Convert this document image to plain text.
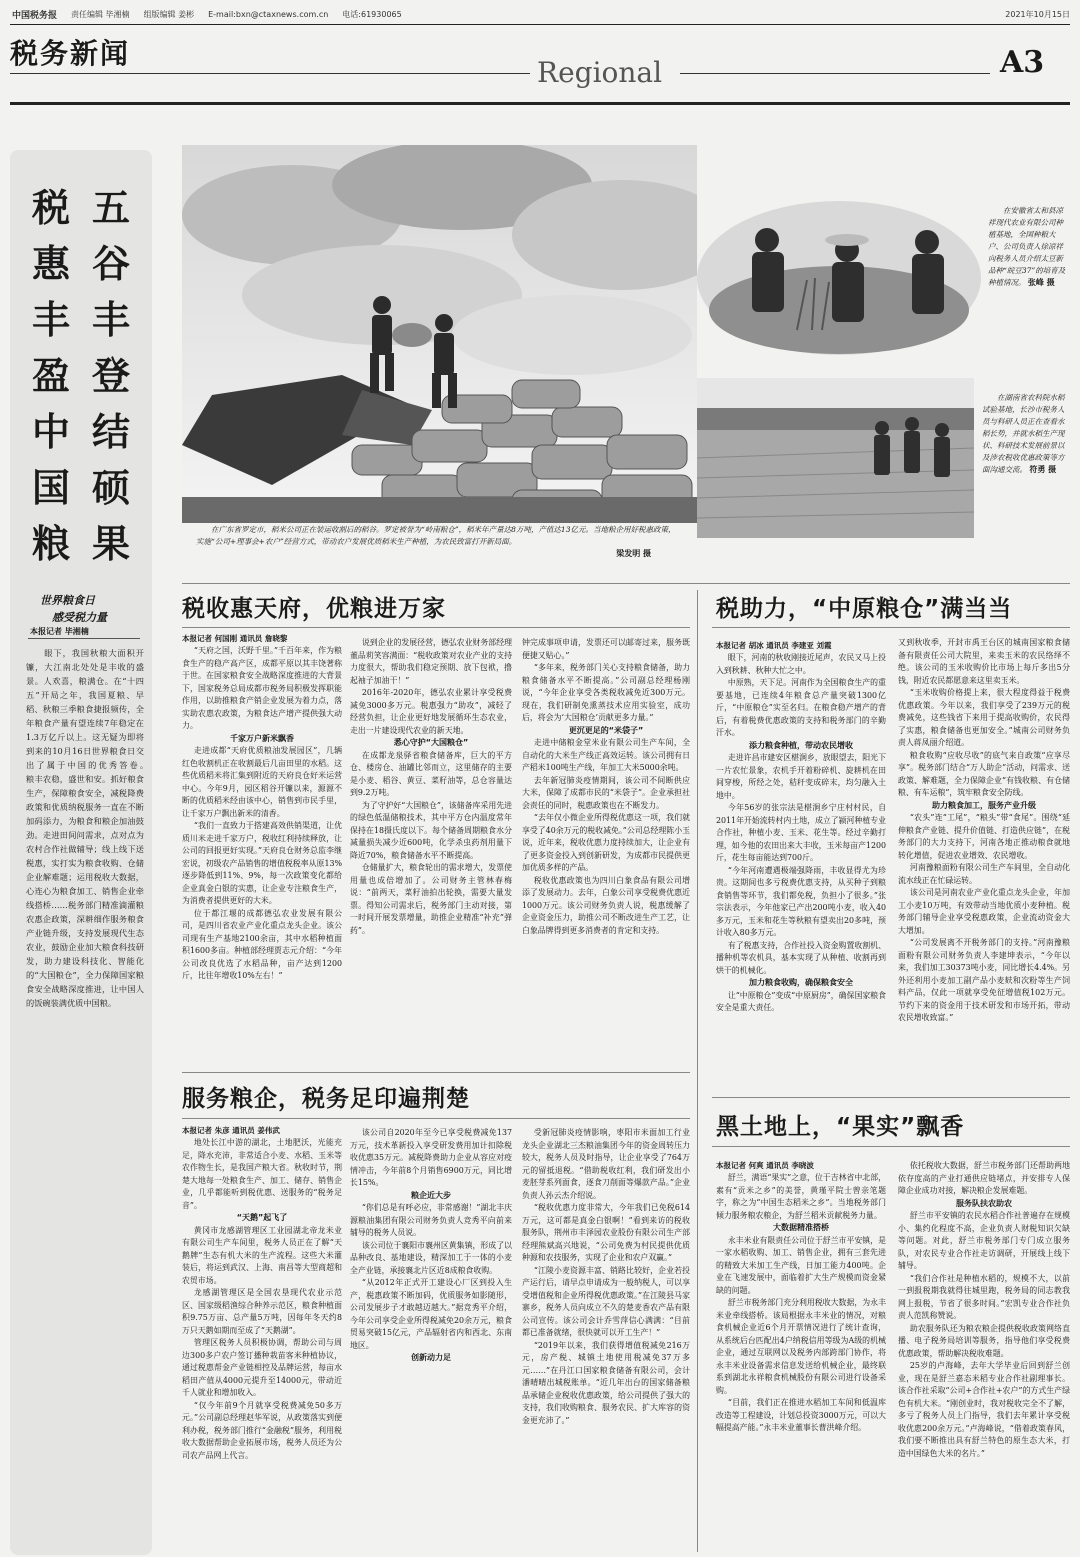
中国税务报 责任编辑 毕湘楠 组版编辑 姜彬 E-mail:bxn@ctaxnews.com.cn 电话:61930065	2021年10月15日
税务新闻
Regional	A3
五
谷
丰
登
结
硕
果
税
惠
丰
盈
中
国
粮
世界粮食日
感受税力量
本报记者 毕湘楠
　　眼下，我国秋粮大面积开镰，大江南北处处是丰收的盛景。人欢喜，粮满仓。在“十四五”开局之年，我国夏粮、早稻、秋粮三季粮食捷报频传，全年粮食产量有望连续7年稳定在1.3万亿斤以上。这无疑为即将到来的10月16日世界粮食日交出了属于中国的优秀答卷。　　粮丰农稳，盛世和安。抓好粮食生产，保障粮食安全，减税降费政策和优质纳税服务一直在不断加码添力，为粮食和粮企加油鼓劲。走进田间问需求，点对点为农村合作社做辅导；线上线下送税惠，实打实为粮食收购、仓储企业解难题；运用税收大数据，心连心为粮食加工、销售企业牵线搭桥……税务部门精准滴灌粮农惠企政策，深耕细作服务粮食产业链升级，支持发展现代生态农业，鼓励企业加大粮食科技研发，助力建设科技化、智能化的“大国粮仓”，全力保障国家粮食安全战略深度推进，让中国人的饭碗装满优质中国粮。
　　在广东省罗定市，稻米公司正在装运收割后的稻谷。罗定被誉为“岭南粮仓”，稻米年产量达8万吨，产值达13亿元。当地粮企用好税惠政策，实施“公司+理事会+农户”经营方式，带动农户发展优质稻米生产种植，为农民致富打开新局面。
梁发明 摄
　　在安徽省太和县凉祥现代农业有限公司种植基地，全国种粮大户、公司负责人徐凉祥向税务人员介绍太豆新品种“皖豆37”的培育及种植情况。 张峰 摄
　　在湖南省农科院水稻试验基地，长沙市税务人员与科研人员正在查看水稻长势，并就水稻生产现状、科研技术发展前景以及涉农税收优惠政策等方面沟通交流。 符勇 摄
税收惠天府，优粮进万家
本报记者 何国刚 通讯员 詹晓黎

“天府之国，沃野千里。”千百年来，作为粮食生产的稳产高产区，成都平原以其丰饶著称于世。在国家粮食安全战略深度推进的大背景下，国家税务总局成都市税务局积极发挥职能作用，以助推粮食产销企业发展为着力点，落实助农惠农政策，为粮食达产增产提供强大动力。

千家万户新米飘香

走进成都“天府优质粮油发展园区”，几辆红色收割机正在收割最后几亩田里的水稻。这些优质稻米将汇集到附近的天府良仓好米运营中心。今年9月，园区稻谷开镰以来，源源不断的优质稻米经由该中心，销售到市民手里，让千家万户飘出新米的清香。

“我们一直致力于搭建高效供销渠道，让优质川米走进千家万户，税收红利持续释放，让公司的回报更好实现。”天府良仓财务总监李继宏说，初级农产品销售的增值税税率从原13%逐步降低到11%、9%，每一次政策变化都给企业真金白银的实惠，让企业专注粮食生产，为消费者提供更好的大米。

位于都江堰的成都德弘农业发展有限公司，是四川省农业产业化重点龙头企业。该公司现有生产基地2100余亩，其中水稻种植面积1600多亩。种植部经理贾志元介绍：“今年公司改良优选了水稻品种，亩产达到1200斤，比往年增收10%左右！”

说到企业的发展径营，德弘农业财务部经理董品莉笑容满面：“税收政策对农业产业的支持力度很大，帮助我们稳定预期、放下包袱，撸起袖子加油干！”

2016年-2020年，德弘农业累计享受税费减免3000多万元。税惠强力“助攻”，减轻了经营负担，让企业更好地发展循环生态农业，走出一片建设现代农业的新天地。

悉心守护“大国粮仓”

在成都龙泉驿省粮食储备库，巨大的平方仓、楼房仓、油罐比邻而立，这里储存的主要是小麦、稻谷、黄豆、菜籽油等，总仓容量达到9.2万吨。

为了守护好“大国粮仓”，该储备库采用先进的绿色低温储粮技术，其中平方仓内温度常年保持在18摄氏度以下。每个储备周期粮食水分减量损失减少近600吨，化学杀虫药剂用量下降近70%，粮食储备水平不断提高。

仓储量扩大，粮食轮出的需求增大，发票使用量也成倍增加了。公司财务主管林春梅说：“前两天，菜籽油拍出轮换，需要大量发票。得知公司需求后，税务部门主动对接，第一时间开展发票增量，助推企业精准“补充”弹药”。

钟完成事项申请，发票还可以邮寄过来，服务既便捷又贴心。”

“多年来，税务部门关心支持粮食储备，助力粮食储备水平不断提高。”公司副总经理杨刚说，“今年企业享受各类税收减免近300万元。现在，我们研制免熏蒸技术应用实验室，成功后，将会为‘大国粮仓’贡献更多力量。”

更沉更足的“米袋子”

走进中储粮金堂米业有限公司生产车间，全自动化的大米生产线正高效运转。该公司拥有日产稻米100吨生产线，年加工大米5000余吨。

去年新冠肺炎疫情期间，该公司不间断供应大米，保障了成都市民的“米袋子”。企业承担社会责任的同时，税惠政策也在不断发力。

“去年仅小微企业所得税优惠这一项，我们就享受了40余万元的税收减免。”公司总经理陈小玉说，近年来，税收优惠力度持续加大，让企业有了更多资金投入到创新研发，为成都市民提供更加优质多样的产品。

税收优惠政策也为四川白象食品有限公司增添了发展动力。去年，白象公司享受税费优惠近1000万元。该公司财务负责人说，税惠缓解了企业资金压力，助推公司不断改进生产工艺，让白象品牌得到更多消费者的肯定和支持。

税助力，“中原粮仓”满当当
本报记者 胡冰 通讯员 李建亚 刘霞

眼下，河南的秋收刚接近尾声，农民又马上投入到秋耕、秋种大忙之中。

中原熟，天下足。河南作为全国粮食生产的重要基地，已连续4年粮食总产量突破1300亿斤，“中原粮仓”实至名归。在粮食稳产增产的背后，有着税费优惠政策的支持和税务部门的辛勤汗水。

添力粮食种植，带动农民增收

走进许昌市建安区椹涧乡，放眼望去，阳光下一片农忙景象，农机手开着粉碎机、旋耕机在田间穿梭，所经之处，秸秆变成碎末，均匀融入土地中。

今年56岁的张宗法是椹涧乡宁庄村村民，自2011年开始流转村内土地，成立了颍河种植专业合作社，种植小麦、玉米、花生等。经过辛勤打理，如今他的农田出来大丰收，玉米每亩产1200斤，花生每亩能达到700斤。

“今年河南遭遇极端强降雨，丰收显得尤为珍贵。这期间也多亏税费优惠支持，从买种子到粮食销售等环节，我们都免税，负担小了很多。”张宗法表示，今年他家已产出200吨小麦，收入40多万元，玉米和花生等秋粮有望卖出20多吨，预计收入80多万元。

有了税惠支持，合作社投入资金购置收割机、播种机等农机具，基本实现了从种植、收割再到烘干的机械化。

加力粮食收购，确保粮食安全

让“中原粮仓”变成“中原厨房”，确保国家粮食安全是重大责任。

又到秋收季，开封市禹王台区的城南国家粮食储备有限责任公司大院里，来卖玉米的农民络绎不绝。该公司的玉米收购价比市场上每斤多出5分钱，附近农民都愿意来这里卖玉米。

“玉米收购价格提上来，很大程度得益于税费优惠政策。今年以来，我们享受了239万元的税费减免，这些钱省下来用于提高收购价，农民得了实惠，粮食储备也更加安全。”城南公司财务负责人蒋凤丽介绍道。

粮食收购“应收尽收”的底气来自政策“应享尽享”。税务部门结合“万人助企”活动，问需求、送政策、解难题，全力保障企业“有钱收粮、有仓储粮、有车运粮”，筑牢粮食安全防线。

助力粮食加工，服务产业升级

“农头”连“工尾”，“粮头”带“食尾”。围绕“延伸粮食产业链、提升价值链、打造供应链”，在税务部门的大力支持下，河南各地正推动粮食就地转化增值，促进农业增效、农民增收。

河南豫粮面粉有限公司生产车间里，全自动化流水线正在忙碌运转。

该公司是河南农业产业化重点龙头企业，年加工小麦10万吨，有效带动当地优质小麦种植。税务部门辅导企业享受税惠政策，企业流动资金大大增加。

“公司发展离不开税务部门的支持。”河南豫粮面粉有限公司财务负责人李建坤表示，“今年以来，我们加工30373吨小麦，同比增长4.4%。另外还利用小麦加工副产品小麦麸和次粉等生产饲料产品，仅此一项就享受免征增值税102万元。节约下来的资金用于技术研发和市场开拓，带动农民增收致富。”

服务粮企，税务足印遍荆楚
本报记者 朱彦 通讯员 姜伟武

地处长江中游的湖北，土地肥沃，光能充足，降水充沛，非常适合小麦、水稻、玉米等农作物生长，是我国产粮大省。秋收时节，荆楚大地每一处粮食生产、加工、储存、销售企业，几乎都能听到税优惠、送服务的“税务足音”。

“天鹅”起飞了

黄冈市龙感湖管理区工业园湖北帝龙米业有限公司生产车间里，税务人员正在了解“天鹅牌”生态有机大米的生产流程。这些大米灌装后，将运到武汉、上海、南昌等大型商超和农贸市场。

龙感湖管理区是全国农垦现代农业示范区、国家级稻渔综合种养示范区，粮食种植面积9.75万亩、总产量5万吨，因每年冬天约8万只天鹅如期而至成了“天鹅湖”。

管理区税务人员积极协调，帮助公司与周边300多户农户签订播种栽苗客米种植协议，通过税惠帮金产业链相控及品牌运营，每亩水稻田产值从4000元提升至14000元，带动近千人就业和增加收入。

“仅今年前9个月就享受税费减免50多万元。”公司副总经理赵华军说，从政策落实到便利办税，税务部门推行“金融税”服务，利用税收大数据帮助企业拓展市场，税务人员还为公司农产品网上代言。

该公司自2020年至今已享受税费减免137万元，技术革新投入享受研发费用加计扣除税收优惠35万元。减税降费助力企业从容应对疫情冲击，今年前8个月销售6900万元，同比增长15%。

粮企近大步

“你们总是有呼必应，非常感谢！”湖北丰庆源粮油集团有限公司财务负责人竞秀平向前来辅导的税务人员说。

该公司位于襄阳市襄州区黄集镇，形成了以品种改良、基地建设，精深加工于一体的小麦全产业链，承接襄北片区近8成粮食收购。

“从2012年正式开工建设心厂区到投入生产，税惠政策不断加码，优质服务如影随形，公司发展步子才敢越迈越大。”据竞秀平介绍，今年公司享受企业所得税减免20余万元，粮食贸易突破15亿元，产品辐射省内和西北、东南地区。

创新动力足

受新冠肺炎疫情影响，枣阳市米面加工行业龙头企业湖北三杰粮油集团今年的资金周转压力较大，税务人员及时指导，让企业享受了764万元的留抵退税。“借助税收红利，我们研发出小麦胚芽系列面食，逐食刀削面等爆款产品。”企业负责人孙云杰介绍说。

“税收优惠力度非常大，今年我们已免税614万元，这可都是真金白银啊！”看到来访的税收服务队，荆州市丰泽园农业股份有限公司生产部经理熊斌高兴地说，“公司免费为村民提供优质种源和农技服务，实现了企业和农户双赢。”

“江陵小麦资源丰富、销路比较好，企业若投产运行后，请早点申请成为一般纳税人，可以享受增值税和企业所得税优惠政策。”在江陵县马家寨乡，税务人员向成立不久的楚麦香农产品有限公司宣传。该公司会计乔雪萍信心满满：“目前都已准备就绪，很快就可以开工生产！”

“2019年以来，我们获得增值税减免216万元，房产税、城镇土地使用税减免37万多元……”在丹江口国家粮食储备有限公司，会计潘晴晴出城税账单。“近几年出台的国家储备粮品承储企业税收优惠政策，给公司提供了强大的支持，我们收购粮食、服务农民、扩大库容的资金更充沛了。”

黑土地上，“果实”飘香
本报记者 何爽 通讯员 李晓波

舒兰，满语“果实”之意，位于吉林省中北部，素有“贡米之乡”的美誉，黄瑾平院士曾亲笔题字，称之为“中国生态稻米之乡”。当地税务部门倾力服务粮农粮企，为舒兰稻米贡献税务力量。

大数据精准搭桥

永丰米业有限责任公司位于舒兰市平安镇，是一家水稻收购、加工、销售企业，拥有三套先进的精致大米加工生产线，日加工能力400吨。企业在飞速发展中，面临着扩大生产规模而资金紧缺的问题。

舒兰市税务部门充分利用税收大数据，为永丰米业牵线搭桥。该局根据永丰米业的情况，对粮食机械企业近6个月开票情况进行了统计查询，从系统后台匹配出4户纳税信用等级为A级的机械企业，通过互联网以及税务内部跨部门协作，将永丰米业设备需求信息发送给机械企业，最终联系到湖北永祥粮食机械股份有限公司进行设备采购。

“目前，我们正在推进水稻加工车间和低温库改造等工程建设，计划总投资3000万元，可以大幅提高产能。”永丰米业董事长曹洪峰介绍。

依托税收大数据，舒兰市税务部门还帮助两地依存度高的产业打通供应链堵点，并安排专人保障企业成功对接，解决粮企发展难题。

服务队扶农助农

舒兰市平安镇的农民水稻合作社普遍存在规模小、集约化程度不高，企业负责人财税知识欠缺等问题。对此，舒兰市税务部门专门成立服务队，对农民专业合作社走访调研，开展线上线下辅导。

“我们合作社是种植水稻的，规模不大，以前一到报税期我就得往城里跑，税务局的同志教我网上报税，节省了很多时间。”宏凯专业合作社负责人范凯称赞说。

助农服务队还为粮农粮企提供税收政策网络直播、电子税务局培训等服务，指导他们享受税费优惠政策，帮助解决税收难题。

25岁的卢海峰，去年大学毕业后回到舒兰创业，现在是舒兰嘉态米稻专业合作社副理事长。该合作社采取“公司+合作社+农户”的方式生产绿色有机大米。“刚创业时，我对税收完全不了解，多亏了税务人员上门指导，我们去年累计享受税收优惠200余万元。”卢海峰说，“借着政策春风，我们要不断推出具有舒兰特色的原生态大米，打造中国绿色大米的名片。”
